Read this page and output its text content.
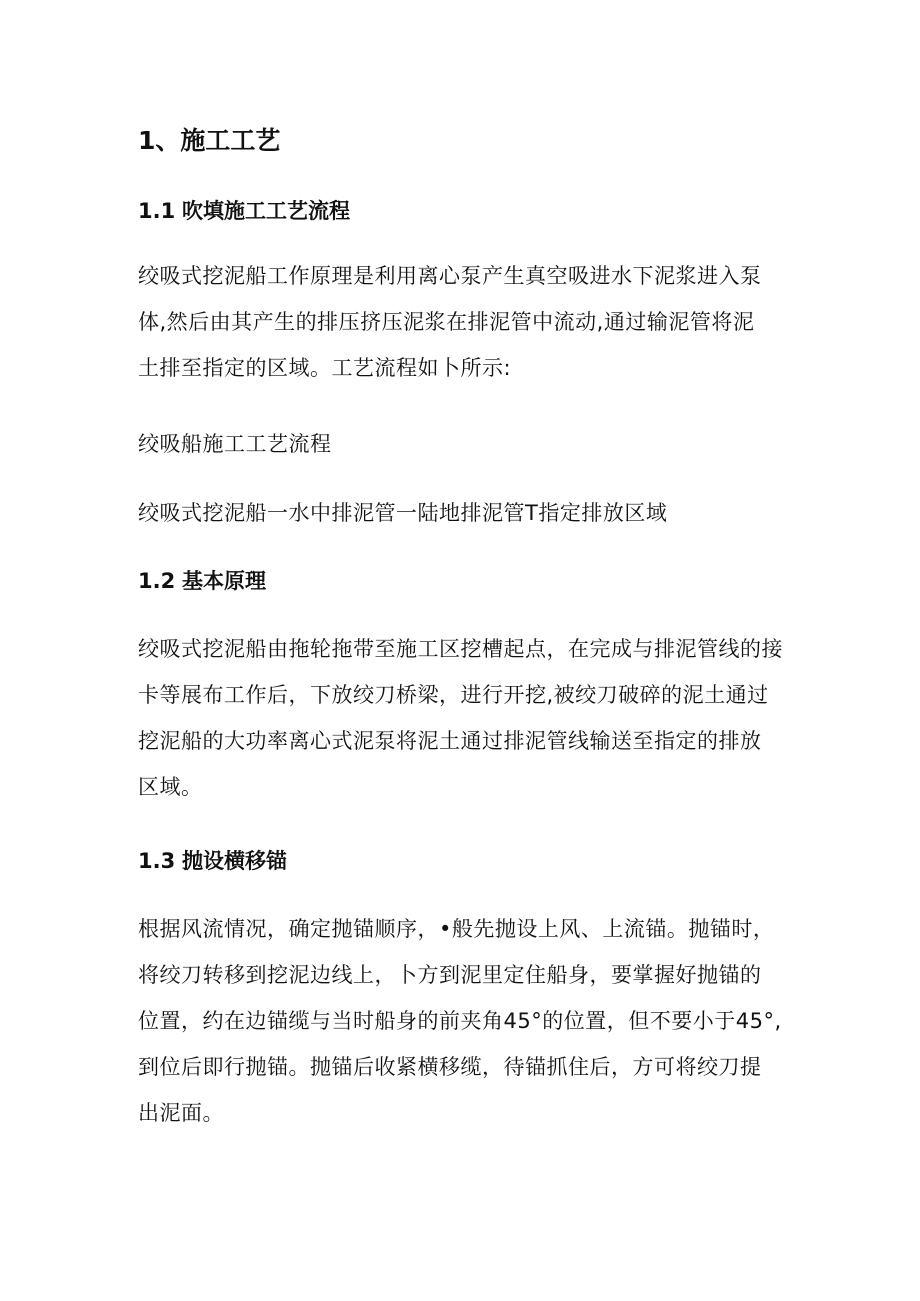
1、施工工艺
1.1 吹填施工工艺流程

绞吸式挖泥船工作原理是利用离心泵产生真空吸进水下泥浆进入泵
体,然后由其产生的排压挤压泥浆在排泥管中流动,通过输泥管将泥
土排至指定的区域。工艺流程如卜所示:

绞吸船施工工艺流程

绞吸式挖泥船一水中排泥管一陆地排泥管T指定排放区域

1.2 基本原理

绞吸式挖泥船由拖轮拖带至施工区挖槽起点，在完成与排泥管线的接
卡等展布工作后，下放绞刀桥梁，进行开挖,被绞刀破碎的泥土通过
挖泥船的大功率离心式泥泵将泥土通过排泥管线输送至指定的排放
区域。

1.3 抛设横移锚

根据风流情况，确定抛锚顺序，•般先抛设上风、上流锚。抛锚时，
将绞刀转移到挖泥边线上，卜方到泥里定住船身，要掌握好抛锚的
位置，约在边锚缆与当时船身的前夹角45°的位置，但不要小于45°,
到位后即行抛锚。抛锚后收紧横移缆，待锚抓住后，方可将绞刀提
出泥面。
